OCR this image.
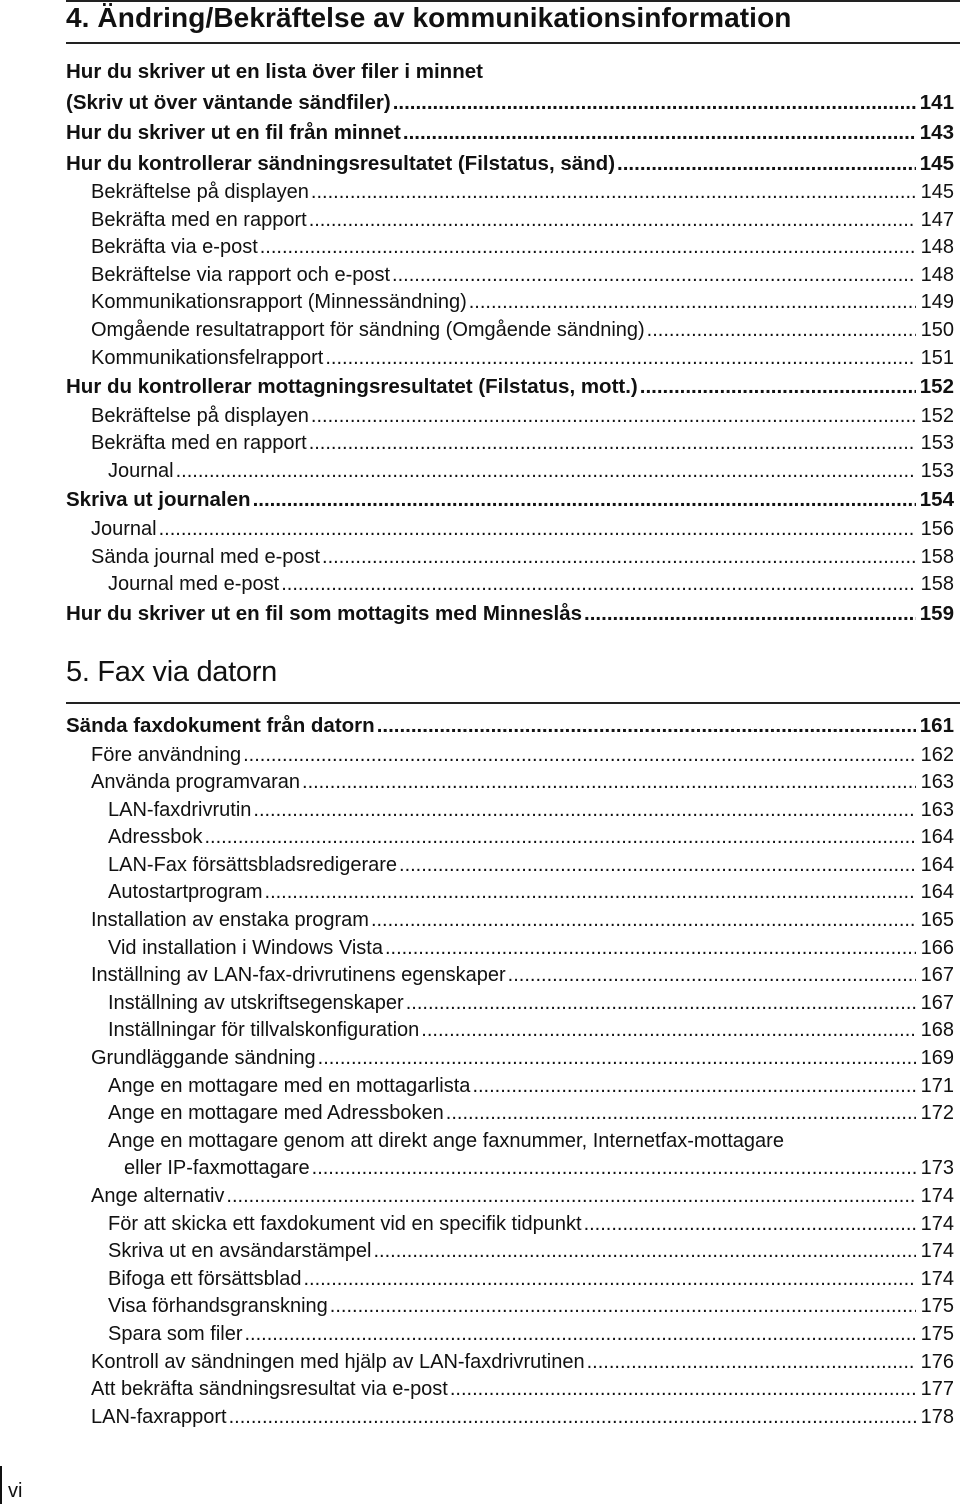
4. Ändring/Bekräftelse av kommunikationsinformation
Hur du skriver ut en lista över filer i minnet
(Skriv ut över väntande sändfiler) .....	141
Hur du skriver ut en fil från minnet .....	143
Hur du kontrollerar sändningsresultatet (Filstatus, sänd) .....	145
Bekräftelse på displayen .....	145
Bekräfta med en rapport .....	147
Bekräfta via e-post .....	148
Bekräftelse via rapport och e-post .....	148
Kommunikationsrapport (Minnessändning) .....	149
Omgående resultatrapport för sändning (Omgående sändning) .....	150
Kommunikationsfelrapport .....	151
Hur du kontrollerar mottagningsresultatet (Filstatus, mott.) .....	152
Bekräftelse på displayen .....	152
Bekräfta med en rapport .....	153
Journal .....	153
Skriva ut journalen .....	154
Journal .....	156
Sända journal med e-post .....	158
Journal med e-post .....	158
Hur du skriver ut en fil som mottagits med Minneslås .....	159
5. Fax via datorn
Sända faxdokument från datorn .....	161
Före användning .....	162
Använda programvaran .....	163
LAN-faxdrivrutin .....	163
Adressbok .....	164
LAN-Fax försättsbladsredigerare .....	164
Autostartprogram .....	164
Installation av enstaka program .....	165
Vid installation i Windows Vista .....	166
Inställning av LAN-fax-drivrutinens egenskaper .....	167
Inställning av utskriftsegenskaper .....	167
Inställningar för tillvalskonfiguration .....	168
Grundläggande sändning .....	169
Ange en mottagare med en mottagarlista .....	171
Ange en mottagare med Adressboken .....	172
Ange en mottagare genom att direkt ange faxnummer, Internetfax-mottagare
eller IP-faxmottagare .....	173
Ange alternativ .....	174
För att skicka ett faxdokument vid en specifik tidpunkt .....	174
Skriva ut en avsändarstämpel .....	174
Bifoga ett försättsblad .....	174
Visa förhandsgranskning .....	175
Spara som filer .....	175
Kontroll av sändningen med hjälp av LAN-faxdrivrutinen .....	176
Att bekräfta sändningsresultat via e-post .....	177
LAN-faxrapport .....	178
vi
